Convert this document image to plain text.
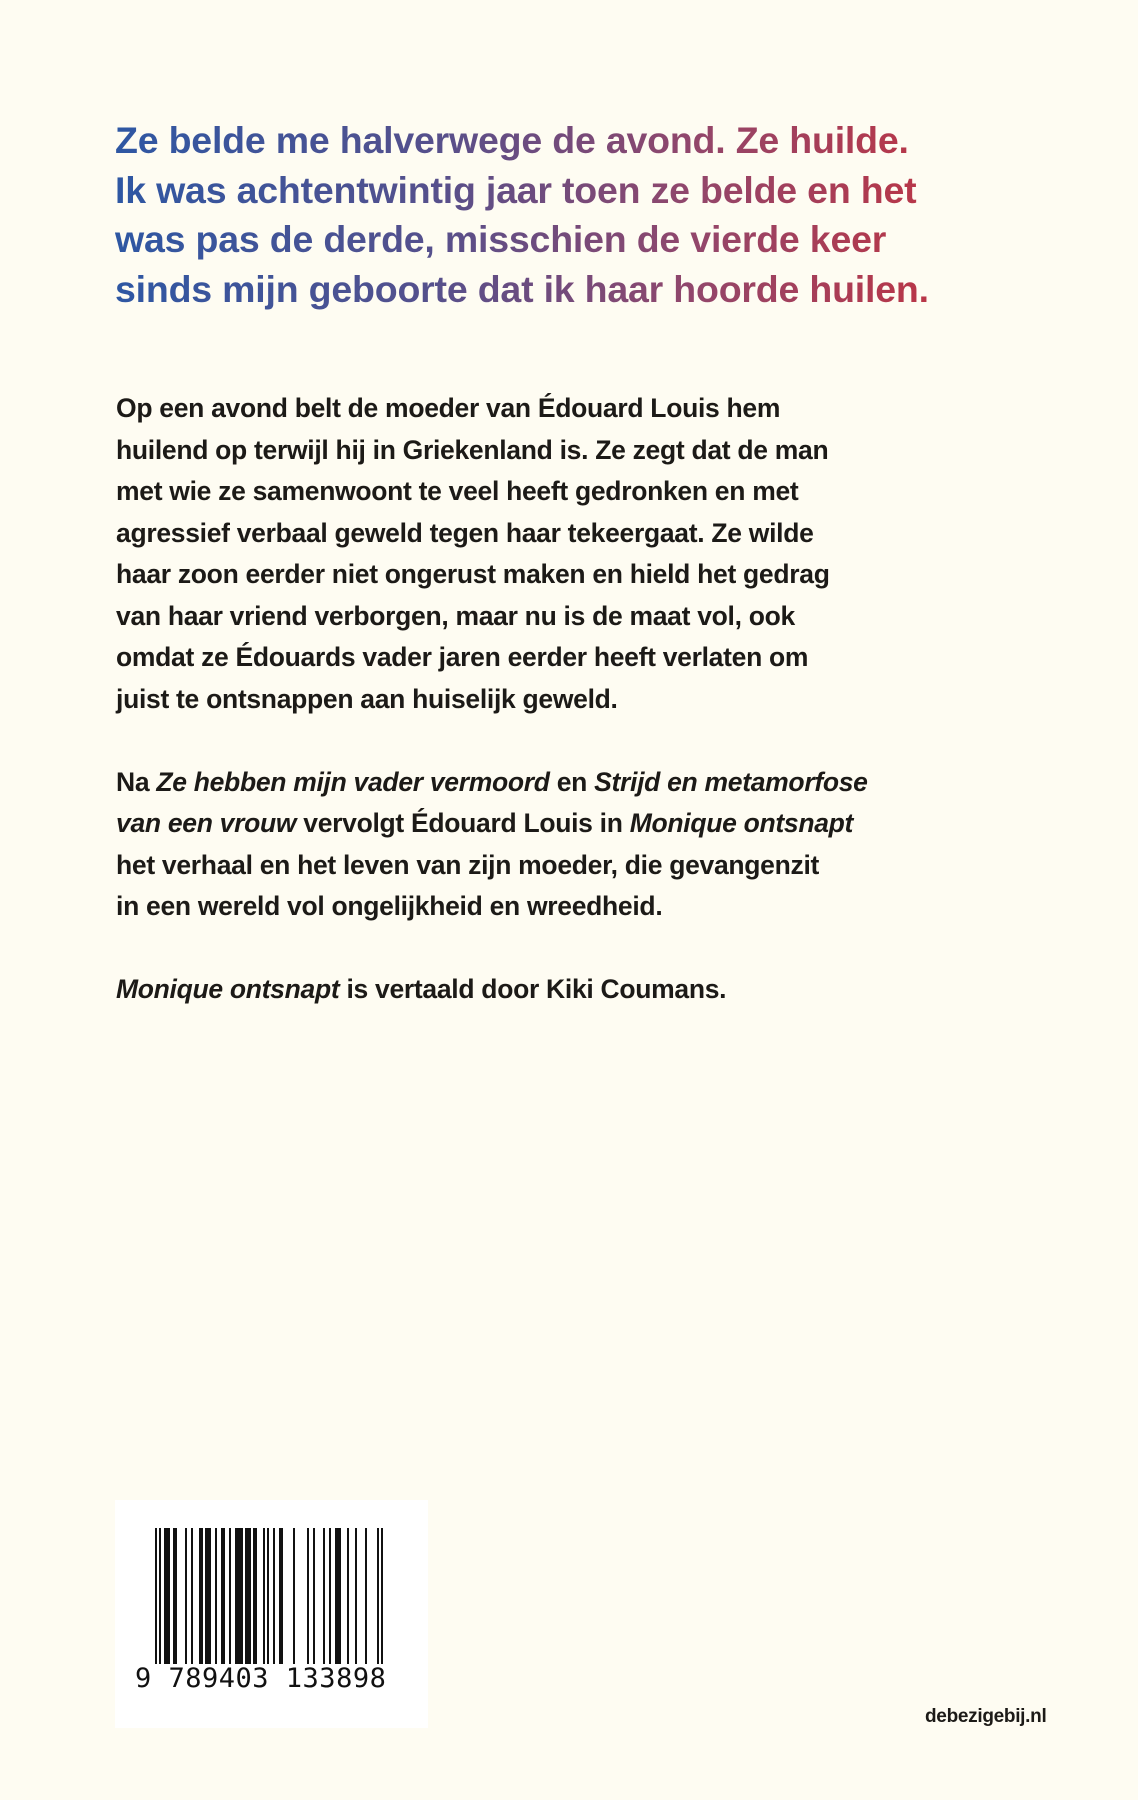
Ze belde me halverwege de avond. Ze huilde.
Ik was achtentwintig jaar toen ze belde en het
was pas de derde, misschien de vierde keer
sinds mijn geboorte dat ik haar hoorde huilen.

Op een avond belt de moeder van Édouard Louis hem
huilend op terwijl hij in Griekenland is. Ze zegt dat de man
met wie ze samenwoont te veel heeft gedronken en met
agressief verbaal geweld tegen haar tekeergaat. Ze wilde
haar zoon eerder niet ongerust maken en hield het gedrag
van haar vriend verborgen, maar nu is de maat vol, ook
omdat ze Édouards vader jaren eerder heeft verlaten om
juist te ontsnappen aan huiselijk geweld.

Na Ze hebben mijn vader vermoord en Strijd en metamorfose
van een vrouw vervolgt Édouard Louis in Monique ontsnapt
het verhaal en het leven van zijn moeder, die gevangenzit
in een wereld vol ongelijkheid en wreedheid.

Monique ontsnapt is vertaald door Kiki Coumans.

9 789403 133898
debezigebij.nl
